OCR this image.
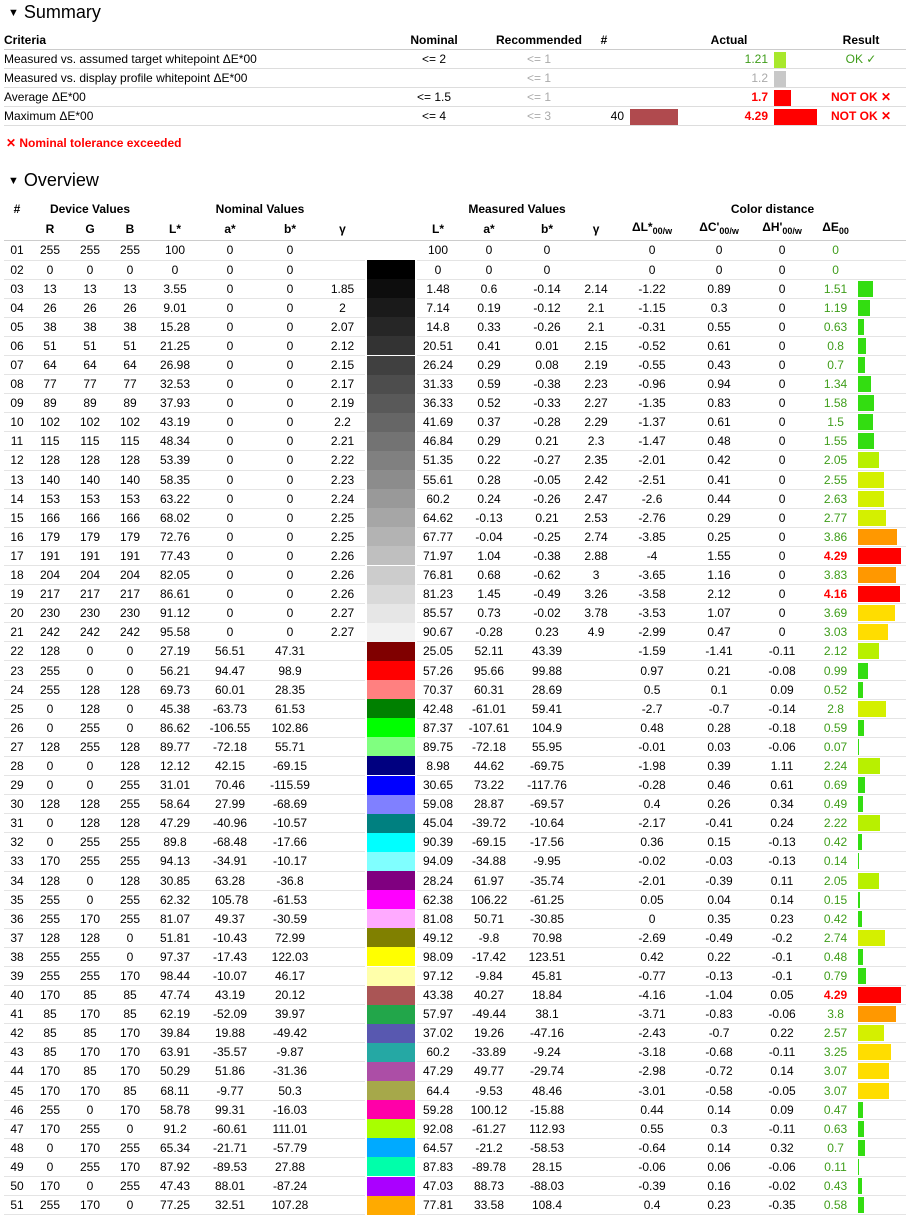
▼ Summary
Criteria	Nominal	Recommended	#		Actual		Result
Measured vs. assumed target whitepoint ΔE*00	<= 2	<= 1			1.21		OK ✓
Measured vs. display profile whitepoint ΔE*00		<= 1			1.2		
Average ΔE*00	<= 1.5	<= 1			1.7		NOT OK ✕
Maximum ΔE*00	<= 4	<= 3	40		4.29		NOT OK ✕
✕ Nominal tolerance exceeded
▼ Overview
#	Device Values				Nominal Values					Measured Values				Color distance			
	R	G	B	L*	a*	b*	γ		L*	a*	b*	γ	$\Delta L*_{00/w}$	$\Delta C'_{00/w}$	$\Delta H'_{00/w}$	$\Delta E_{00}$	
01	255	255	255	100	0	0			100	0	0		0	0	0	0	
02	0	0	0	0	0	0			0	0	0		0	0	0	0	
03	13	13	13	3.55	0	0	1.85		1.48	0.6	-0.14	2.14	-1.22	0.89	0	1.51	

04	26	26	26	9.01	0	0	2		7.14	0.19	-0.12	2.1	-1.15	0.3	0	1.19	

05	38	38	38	15.28	0	0	2.07		14.8	0.33	-0.26	2.1	-0.31	0.55	0	0.63	

06	51	51	51	21.25	0	0	2.12		20.51	0.41	0.01	2.15	-0.52	0.61	0	0.8	

07	64	64	64	26.98	0	0	2.15		26.24	0.29	0.08	2.19	-0.55	0.43	0	0.7	

08	77	77	77	32.53	0	0	2.17		31.33	0.59	-0.38	2.23	-0.96	0.94	0	1.34	

09	89	89	89	37.93	0	0	2.19		36.33	0.52	-0.33	2.27	-1.35	0.83	0	1.58	

10	102	102	102	43.19	0	0	2.2		41.69	0.37	-0.28	2.29	-1.37	0.61	0	1.5	

11	115	115	115	48.34	0	0	2.21		46.84	0.29	0.21	2.3	-1.47	0.48	0	1.55	

12	128	128	128	53.39	0	0	2.22		51.35	0.22	-0.27	2.35	-2.01	0.42	0	2.05	

13	140	140	140	58.35	0	0	2.23		55.61	0.28	-0.05	2.42	-2.51	0.41	0	2.55	

14	153	153	153	63.22	0	0	2.24		60.2	0.24	-0.26	2.47	-2.6	0.44	0	2.63	

15	166	166	166	68.02	0	0	2.25		64.62	-0.13	0.21	2.53	-2.76	0.29	0	2.77	

16	179	179	179	72.76	0	0	2.25		67.77	-0.04	-0.25	2.74	-3.85	0.25	0	3.86	

17	191	191	191	77.43	0	0	2.26		71.97	1.04	-0.38	2.88	-4	1.55	0	4.29	

18	204	204	204	82.05	0	0	2.26		76.81	0.68	-0.62	3	-3.65	1.16	0	3.83	

19	217	217	217	86.61	0	0	2.26		81.23	1.45	-0.49	3.26	-3.58	2.12	0	4.16	

20	230	230	230	91.12	0	0	2.27		85.57	0.73	-0.02	3.78	-3.53	1.07	0	3.69	

21	242	242	242	95.58	0	0	2.27		90.67	-0.28	0.23	4.9	-2.99	0.47	0	3.03	

22	128	0	0	27.19	56.51	47.31			25.05	52.11	43.39		-1.59	-1.41	-0.11	2.12	

23	255	0	0	56.21	94.47	98.9			57.26	95.66	99.88		0.97	0.21	-0.08	0.99	

24	255	128	128	69.73	60.01	28.35			70.37	60.31	28.69		0.5	0.1	0.09	0.52	

25	0	128	0	45.38	-63.73	61.53			42.48	-61.01	59.41		-2.7	-0.7	-0.14	2.8	

26	0	255	0	86.62	-106.55	102.86			87.37	-107.61	104.9		0.48	0.28	-0.18	0.59	

27	128	255	128	89.77	-72.18	55.71			89.75	-72.18	55.95		-0.01	0.03	-0.06	0.07	

28	0	0	128	12.12	42.15	-69.15			8.98	44.62	-69.75		-1.98	0.39	1.11	2.24	

29	0	0	255	31.01	70.46	-115.59			30.65	73.22	-117.76		-0.28	0.46	0.61	0.69	

30	128	128	255	58.64	27.99	-68.69			59.08	28.87	-69.57		0.4	0.26	0.34	0.49	

31	0	128	128	47.29	-40.96	-10.57			45.04	-39.72	-10.64		-2.17	-0.41	0.24	2.22	

32	0	255	255	89.8	-68.48	-17.66			90.39	-69.15	-17.56		0.36	0.15	-0.13	0.42	

33	170	255	255	94.13	-34.91	-10.17			94.09	-34.88	-9.95		-0.02	-0.03	-0.13	0.14	

34	128	0	128	30.85	63.28	-36.8			28.24	61.97	-35.74		-2.01	-0.39	0.11	2.05	

35	255	0	255	62.32	105.78	-61.53			62.38	106.22	-61.25		0.05	0.04	0.14	0.15	

36	255	170	255	81.07	49.37	-30.59			81.08	50.71	-30.85		0	0.35	0.23	0.42	

37	128	128	0	51.81	-10.43	72.99			49.12	-9.8	70.98		-2.69	-0.49	-0.2	2.74	

38	255	255	0	97.37	-17.43	122.03			98.09	-17.42	123.51		0.42	0.22	-0.1	0.48	

39	255	255	170	98.44	-10.07	46.17			97.12	-9.84	45.81		-0.77	-0.13	-0.1	0.79	

40	170	85	85	47.74	43.19	20.12			43.38	40.27	18.84		-4.16	-1.04	0.05	4.29	

41	85	170	85	62.19	-52.09	39.97			57.97	-49.44	38.1		-3.71	-0.83	-0.06	3.8	

42	85	85	170	39.84	19.88	-49.42			37.02	19.26	-47.16		-2.43	-0.7	0.22	2.57	

43	85	170	170	63.91	-35.57	-9.87			60.2	-33.89	-9.24		-3.18	-0.68	-0.11	3.25	

44	170	85	170	50.29	51.86	-31.36			47.29	49.77	-29.74		-2.98	-0.72	0.14	3.07	

45	170	170	85	68.11	-9.77	50.3			64.4	-9.53	48.46		-3.01	-0.58	-0.05	3.07	

46	255	0	170	58.78	99.31	-16.03			59.28	100.12	-15.88		0.44	0.14	0.09	0.47	

47	170	255	0	91.2	-60.61	111.01			92.08	-61.27	112.93		0.55	0.3	-0.11	0.63	

48	0	170	255	65.34	-21.71	-57.79			64.57	-21.2	-58.53		-0.64	0.14	0.32	0.7	

49	0	255	170	87.92	-89.53	27.88			87.83	-89.78	28.15		-0.06	0.06	-0.06	0.11	

50	170	0	255	47.43	88.01	-87.24			47.03	88.73	-88.03		-0.39	0.16	-0.02	0.43	

51	255	170	0	77.25	32.51	107.28			77.81	33.58	108.4		0.4	0.23	-0.35	0.58	
